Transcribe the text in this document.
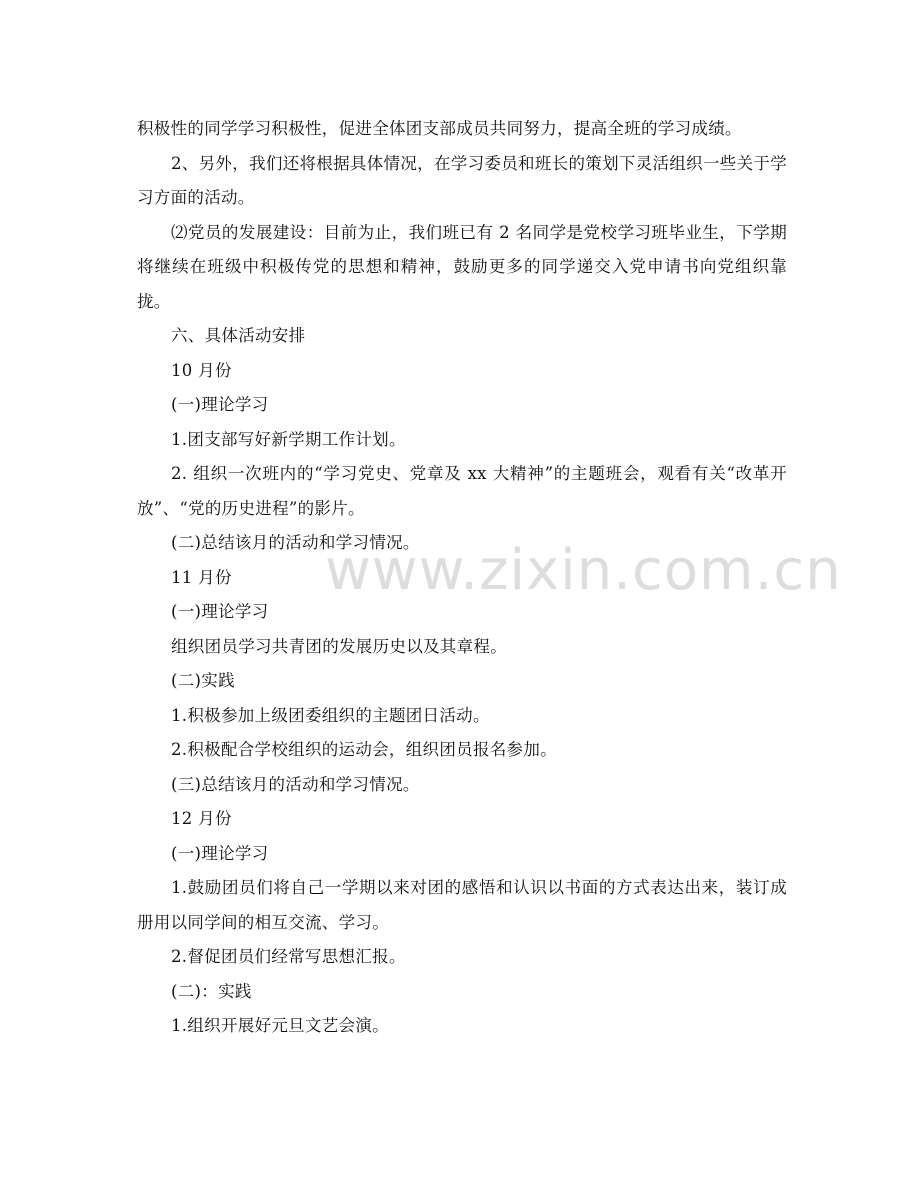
积极性的同学学习积极性，促进全体团支部成员共同努力，提高全班的学习成绩。

2、另外，我们还将根据具体情况，在学习委员和班长的策划下灵活组织一些关于学习方面的活动。

⑵党员的发展建设：目前为止，我们班已有 2 名同学是党校学习班毕业生，下学期将继续在班级中积极传党的思想和精神，鼓励更多的同学递交入党申请书向党组织靠拢。

六、具体活动安排

10 月份

(一)理论学习

1.团支部写好新学期工作计划。

2. 组织一次班内的“学习党史、党章及 xx 大精神”的主题班会，观看有关“改革开放”、“党的历史进程”的影片。

(二)总结该月的活动和学习情况。

11 月份

(一)理论学习

组织团员学习共青团的发展历史以及其章程。

(二)实践

1.积极参加上级团委组织的主题团日活动。

2.积极配合学校组织的运动会，组织团员报名参加。

(三)总结该月的活动和学习情况。

12 月份

(一)理论学习

1.鼓励团员们将自己一学期以来对团的感悟和认识以书面的方式表达出来，装订成册用以同学间的相互交流、学习。

2.督促团员们经常写思想汇报。

(二)：实践

1.组织开展好元旦文艺会演。

www.zixin.com.cn
